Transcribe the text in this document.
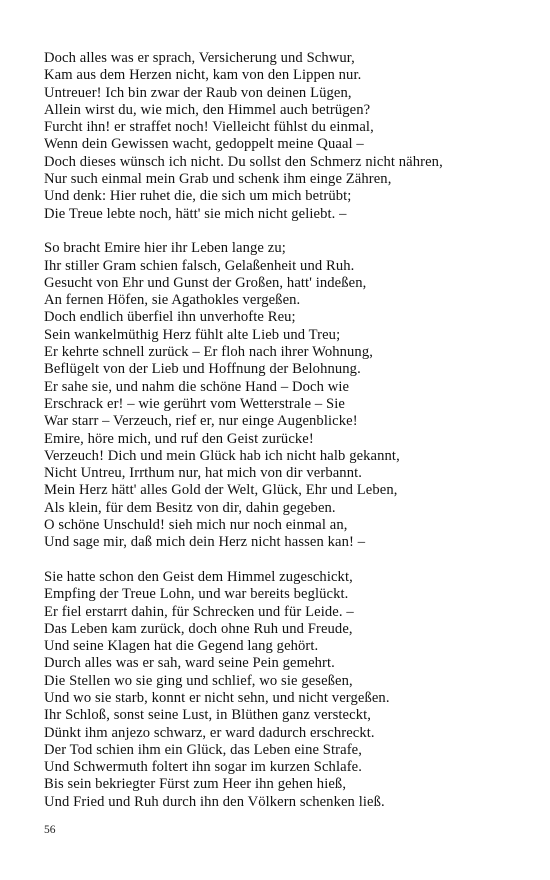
Doch alles was er sprach, Versicherung und Schwur,
Kam aus dem Herzen nicht, kam von den Lippen nur.
Untreuer! Ich bin zwar der Raub von deinen Lügen,
Allein wirst du, wie mich, den Himmel auch betrügen?
Furcht ihn! er straffet noch! Vielleicht fühlst du einmal,
Wenn dein Gewissen wacht, gedoppelt meine Quaal –
Doch dieses wünsch ich nicht. Du sollst den Schmerz nicht nähren,
Nur such einmal mein Grab und schenk ihm einge Zähren,
Und denk: Hier ruhet die, die sich um mich betrübt;
Die Treue lebte noch, hätt' sie mich nicht geliebt. –
So bracht Emire hier ihr Leben lange zu;
Ihr stiller Gram schien falsch, Gelaßenheit und Ruh.
Gesucht von Ehr und Gunst der Großen, hatt' indeßen,
An fernen Höfen, sie Agathokles vergeßen.
Doch endlich überfiel ihn unverhofte Reu;
Sein wankelmüthig Herz fühlt alte Lieb und Treu;
Er kehrte schnell zurück – Er floh nach ihrer Wohnung,
Beflügelt von der Lieb und Hoffnung der Belohnung.
Er sahe sie, und nahm die schöne Hand – Doch wie
Erschrack er! – wie gerührt vom Wetterstrale – Sie
War starr – Verzeuch, rief er, nur einge Augenblicke!
Emire, höre mich, und ruf den Geist zurücke!
Verzeuch! Dich und mein Glück hab ich nicht halb gekannt,
Nicht Untreu, Irrthum nur, hat mich von dir verbannt.
Mein Herz hätt' alles Gold der Welt, Glück, Ehr und Leben,
Als klein, für dem Besitz von dir, dahin gegeben.
O schöne Unschuld! sieh mich nur noch einmal an,
Und sage mir, daß mich dein Herz nicht hassen kan! –
Sie hatte schon den Geist dem Himmel zugeschickt,
Empfing der Treue Lohn, und war bereits beglückt.
Er fiel erstarrt dahin, für Schrecken und für Leide. –
Das Leben kam zurück, doch ohne Ruh und Freude,
Und seine Klagen hat die Gegend lang gehört.
Durch alles was er sah, ward seine Pein gemehrt.
Die Stellen wo sie ging und schlief, wo sie geseßen,
Und wo sie starb, konnt er nicht sehn, und nicht vergeßen.
Ihr Schloß, sonst seine Lust, in Blüthen ganz versteckt,
Dünkt ihm anjezo schwarz, er ward dadurch erschreckt.
Der Tod schien ihm ein Glück, das Leben eine Strafe,
Und Schwermuth foltert ihn sogar im kurzen Schlafe.
Bis sein bekriegter Fürst zum Heer ihn gehen hieß,
Und Fried und Ruh durch ihn den Völkern schenken ließ.
56
